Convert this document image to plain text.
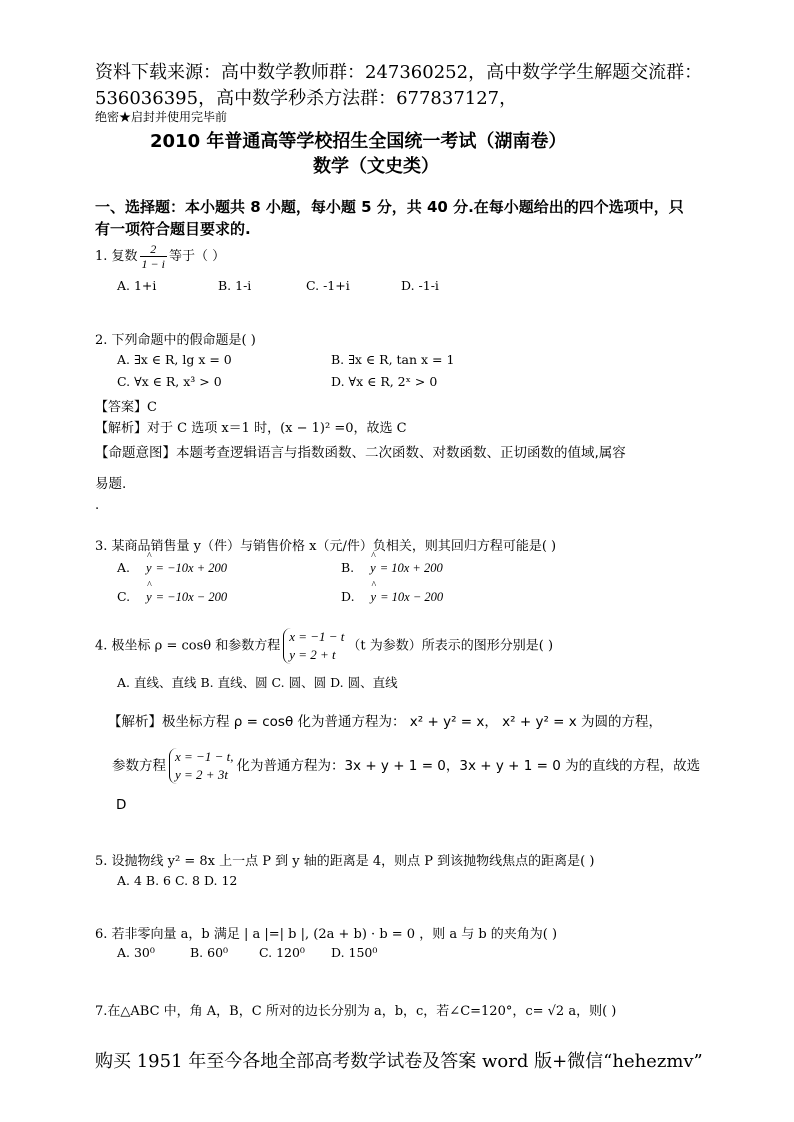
资料下载来源：高中数学教师群：247360252，高中数学学生解题交流群：
536036395，高中数学秒杀方法群：677837127，
绝密★启封并使用完毕前
2010 年普通高等学校招生全国统一考试（湖南卷）
数学（文史类）
一、选择题：本小题共 8 小题，每小题 5 分，共 40 分.在每小题给出的四个选项中，只
有一项符合题目要求的.
1. 复数 $\frac{2}{1 - i}$ 等于（ ）
A. 1+i	B. 1-i	C. -1+i	D. -1-i
2. 下列命题中的假命题是( )
A. ∃x ∈ R, lg x = 0	B. ∃x ∈ R, tan x = 1
C. ∀x ∈ R, x³ > 0	D. ∀x ∈ R, 2ˣ > 0
【答案】C
【解析】对于 C 选项 x＝1 时，(x − 1)² =0，故选 C
【命题意图】本题考查逻辑语言与指数函数、二次函数、对数函数、正切函数的值域,属容
易题.
.
3. 某商品销售量 y（件）与销售价格 x（元/件）负相关，则其回归方程可能是( )
A. ^ y = −10x + 200	B. ^ y = 10x + 200
C. ^ y = −10x − 200	D. ^ y = 10x − 200
4. 极坐标 ρ = cosθ 和参数方程
x = −1 − t
y = 2 + t
（t 为参数）所表示的图形分别是( )
A. 直线、直线 B. 直线、圆 C. 圆、圆 D. 圆、直线
【解析】极坐标方程 ρ = cosθ 化为普通方程为： x² + y² = x， x² + y² = x 为圆的方程，
参数方程
x = −1 − t,
y = 2 + 3t
化为普通方程为：3x + y + 1 = 0，3x + y + 1 = 0 为的直线的方程，故选
D
5. 设抛物线 y² = 8x 上一点 P 到 y 轴的距离是 4，则点 P 到该抛物线焦点的距离是( )
A. 4 B. 6 C. 8 D. 12
6. 若非零向量 a，b 满足 | a |=| b |, (2a + b) · b = 0 ，则 a 与 b 的夹角为( )
A. 30⁰	B. 60⁰ C. 120⁰ D. 150⁰
7.在△ABC 中，角 A，B，C 所对的边长分别为 a，b，c，若∠C=120°，c= √2 a，则( )
购买 1951 年至今各地全部高考数学试卷及答案 word 版+微信“hehezmv”
